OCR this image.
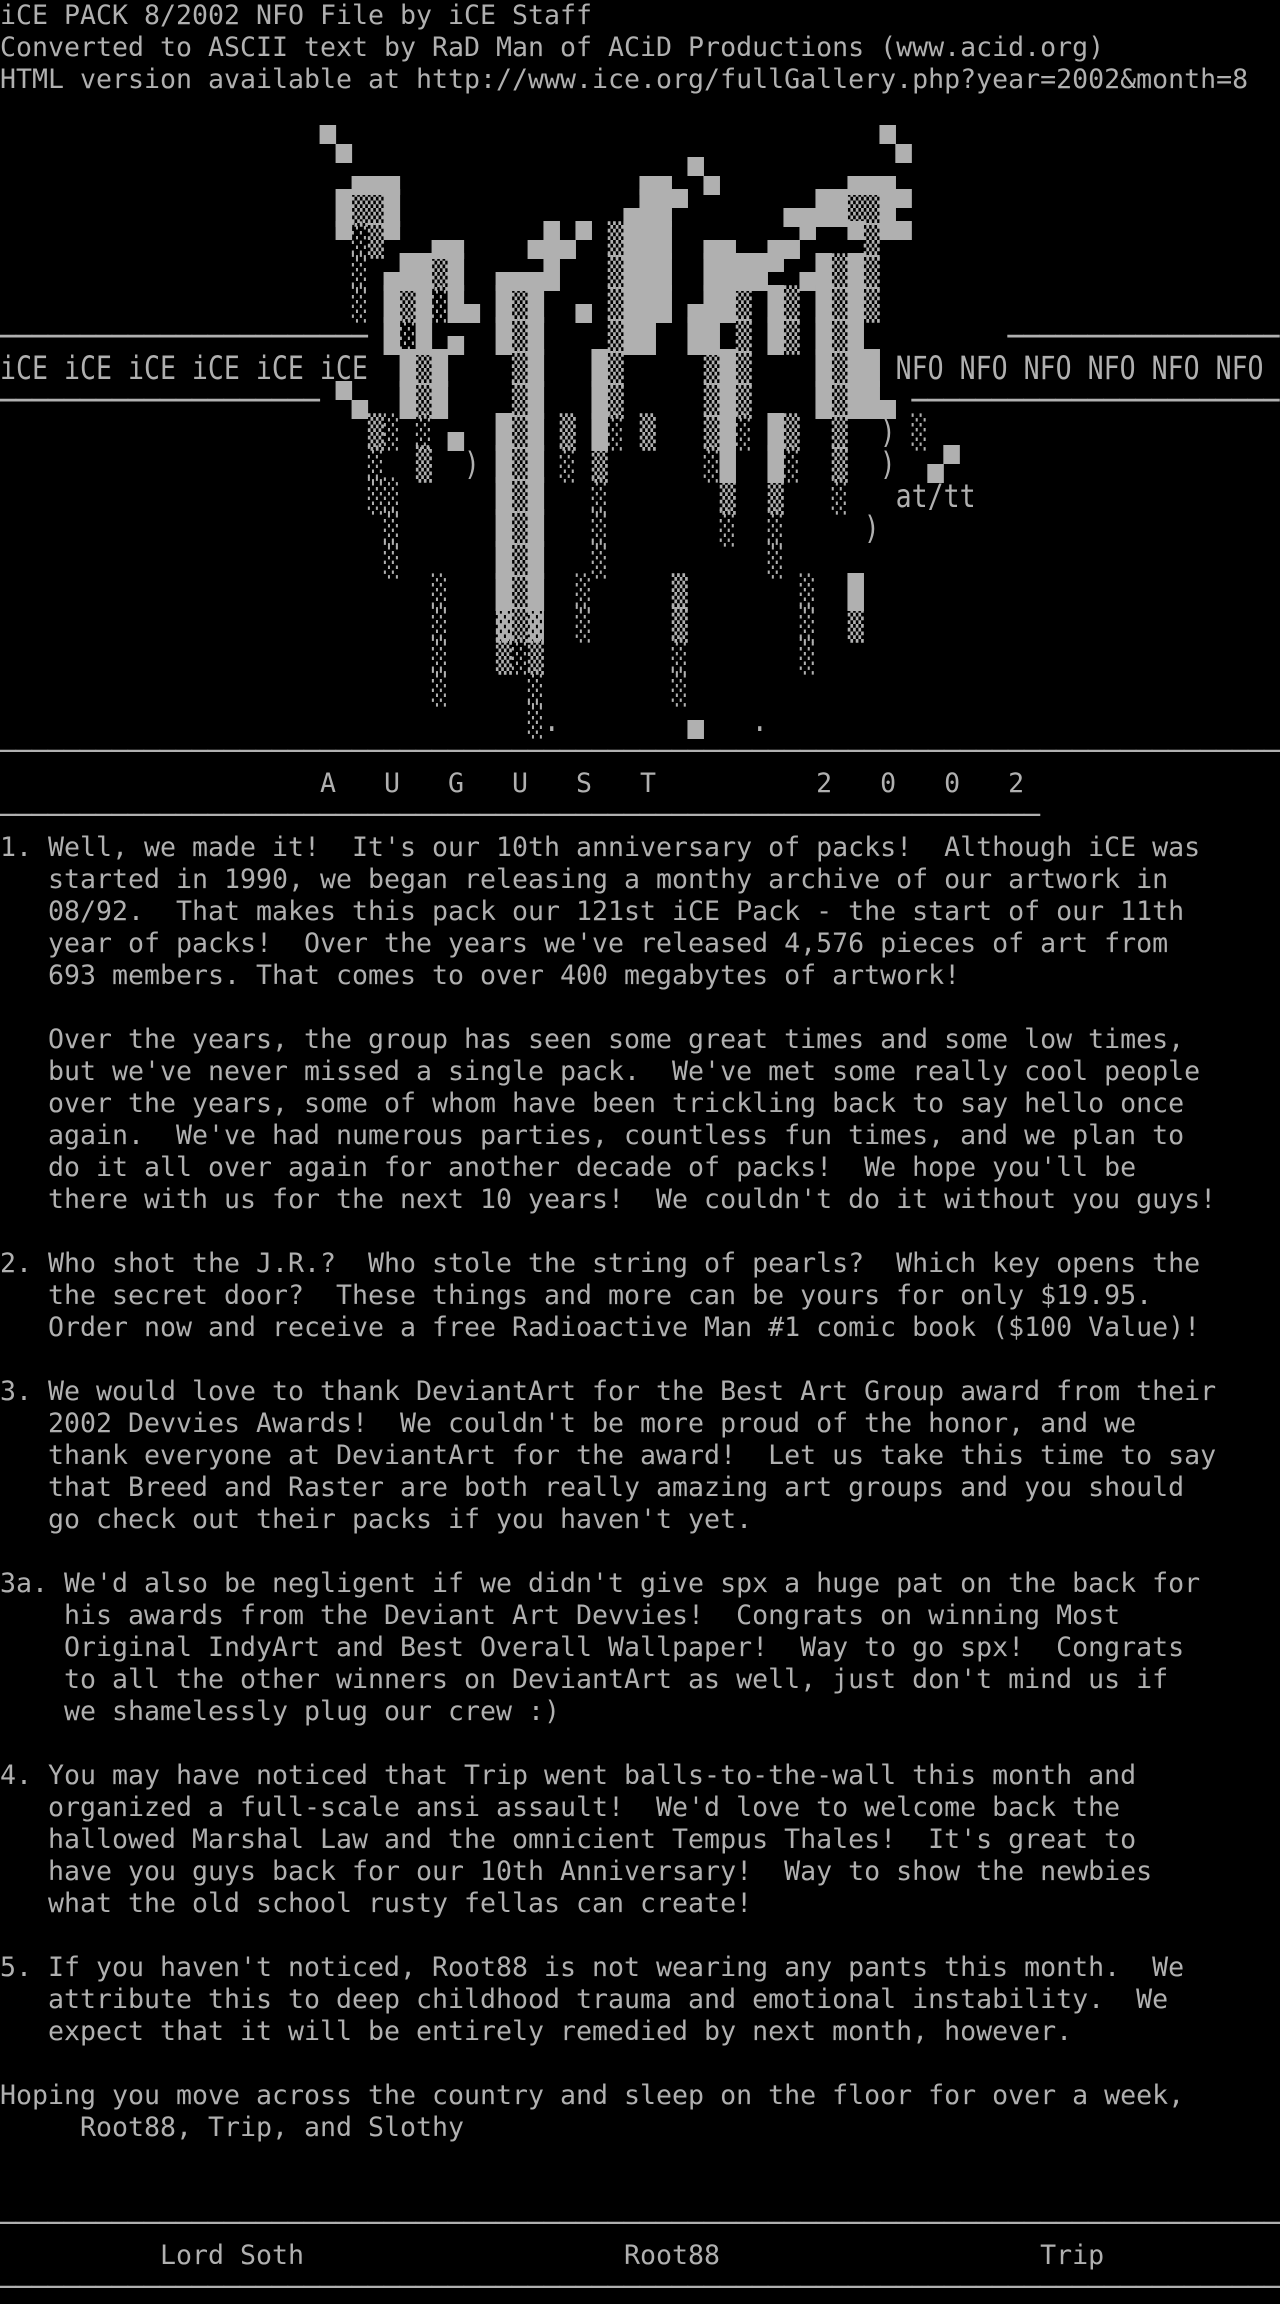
iCE PACK 8/2002 NFO File by iCE Staff
Converted to ASCII text by RaD Man of ACiD Productions (www.acid.org)
HTML version available at http://www.ice.org/fullGallery.php?year=2002&month=8

▀▄                                 ▀▄
▄▄▄               ▄▄ ▀▄        ▄▄▄
█▒▒█              ▄██▀      ▄▄██▒▒█▀
▀░▒▀  ▄▄    ▄█▄▀ ▒███  ▄▄  ▄▄▀  ▀▒▀▀
░ ▄██▒█  ▄▄▄█   ▒███  ████▀ ▄█▒█▒
░ █▒█░█▄ █▒█  ▄ ▒███ ▄██▒ █▒ █▒█▒
─────────────────────── █░█ ▄  █▒█    ▒██  ██ ▒ █▒ █▒█         ─────────────────
iCE iCE iCE iCE iCE iCE  █▒█    ▒█   █▒     ▒█▒    █▒██ NFO NFO NFO NFO NFO NFO
──────────────────── ▀▄  █▒█    ▒█   █▒     ▒█▒    █▒██▄ ───────────────────────
▒░ ░ ▄  █▒█ ▒ █░ ▒   ▒█░ █▒  ▒  ) ░
░  ▒  ) █▒█ ░ ▒      ░█  █░  ▒  )  ▄▀
░░      █▒█   ░       ▒  ▒   ░   at/tt
░      █▒█   ░       ░  ░     )
░      █▒█   ░          ░
░   █▒█  ░     ▒       ░  █
░   ▓▒▓  ░     ▒       ░  ▒
░   ▒░▒        ░       ░
░     ░        ░
░.        ▄   .
────────────────────────────────────────────────────────────────────────────────
A   U   G   U   S   T          2   0   0   2
─────────────────────────────────────────────────────────────────
1. Well, we made it!  It's our 10th anniversary of packs!  Although iCE was
started in 1990, we began releasing a monthy archive of our artwork in
08/92.  That makes this pack our 121st iCE Pack - the start of our 11th
year of packs!  Over the years we've released 4,576 pieces of art from
693 members. That comes to over 400 megabytes of artwork!

Over the years, the group has seen some great times and some low times,
but we've never missed a single pack.  We've met some really cool people
over the years, some of whom have been trickling back to say hello once
again.  We've had numerous parties, countless fun times, and we plan to
do it all over again for another decade of packs!  We hope you'll be
there with us for the next 10 years!  We couldn't do it without you guys!

2. Who shot the J.R.?  Who stole the string of pearls?  Which key opens the
the secret door?  These things and more can be yours for only $19.95.
Order now and receive a free Radioactive Man #1 comic book ($100 Value)!

3. We would love to thank DeviantArt for the Best Art Group award from their
2002 Devvies Awards!  We couldn't be more proud of the honor, and we
thank everyone at DeviantArt for the award!  Let us take this time to say
that Breed and Raster are both really amazing art groups and you should
go check out their packs if you haven't yet.

3a. We'd also be negligent if we didn't give spx a huge pat on the back for
his awards from the Deviant Art Devvies!  Congrats on winning Most
Original IndyArt and Best Overall Wallpaper!  Way to go spx!  Congrats
to all the other winners on DeviantArt as well, just don't mind us if
we shamelessly plug our crew :)

4. You may have noticed that Trip went balls-to-the-wall this month and
organized a full-scale ansi assault!  We'd love to welcome back the
hallowed Marshal Law and the omnicient Tempus Thales!  It's great to
have you guys back for our 10th Anniversary!  Way to show the newbies
what the old school rusty fellas can create!

5. If you haven't noticed, Root88 is not wearing any pants this month.  We
attribute this to deep childhood trauma and emotional instability.  We
expect that it will be entirely remedied by next month, however.

Hoping you move across the country and sleep on the floor for over a week,
Root88, Trip, and Slothy

────────────────────────────────────────────────────────────────────────────────
Lord Soth                    Root88                    Trip
────────────────────────────────────────────────────────────────────────────────
